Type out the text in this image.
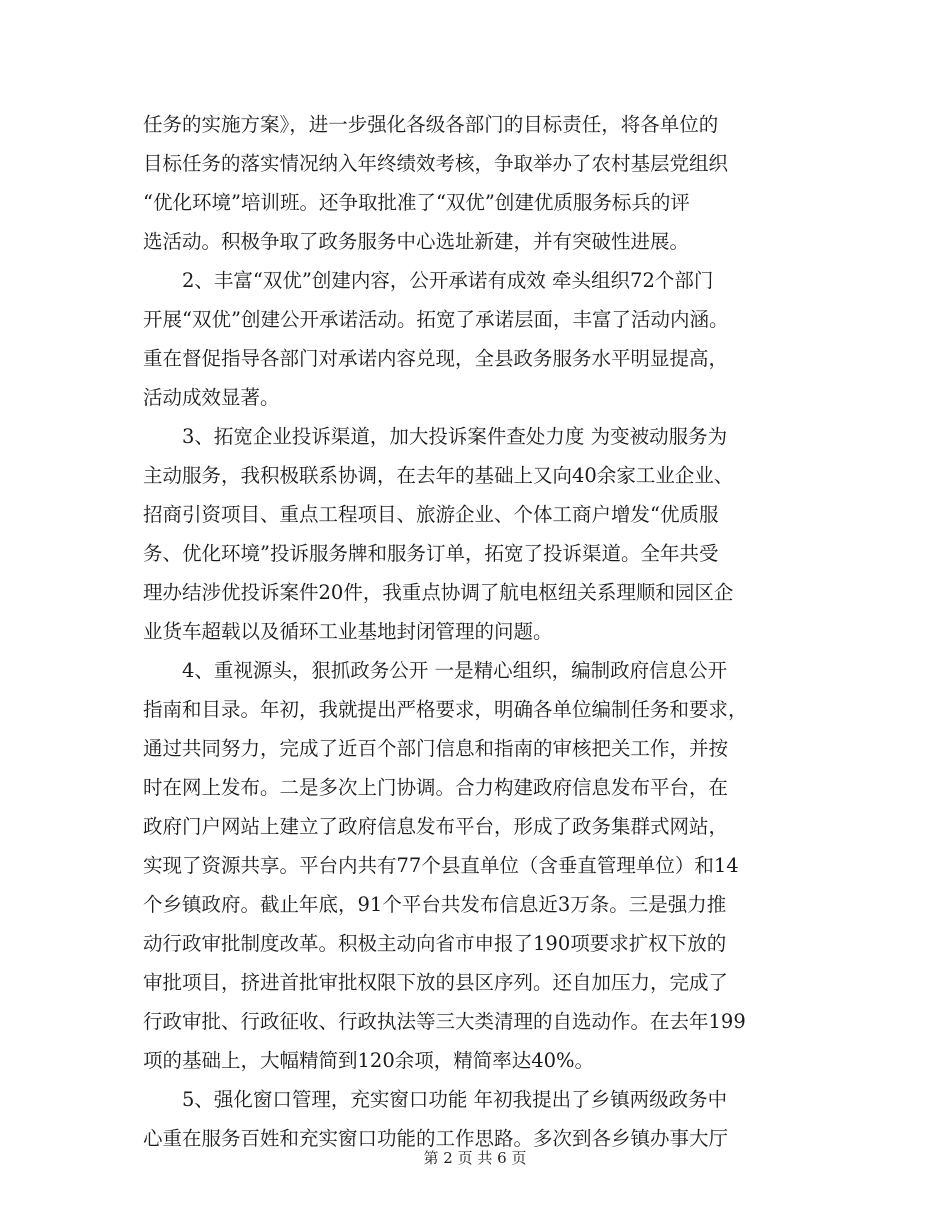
任务的实施方案》，进一步强化各级各部门的目标责任，将各单位的
目标任务的落实情况纳入年终绩效考核，争取举办了农村基层党组织
“优化环境”培训班。还争取批准了“双优”创建优质服务标兵的评
选活动。积极争取了政务服务中心选址新建，并有突破性进展。
2、丰富“双优”创建内容，公开承诺有成效 牵头组织72个部门
开展“双优”创建公开承诺活动。拓宽了承诺层面，丰富了活动内涵。
重在督促指导各部门对承诺内容兑现，全县政务服务水平明显提高，
活动成效显著。
3、拓宽企业投诉渠道，加大投诉案件查处力度 为变被动服务为
主动服务，我积极联系协调，在去年的基础上又向40余家工业企业、
招商引资项目、重点工程项目、旅游企业、个体工商户增发“优质服
务、优化环境”投诉服务牌和服务订单，拓宽了投诉渠道。全年共受
理办结涉优投诉案件20件，我重点协调了航电枢纽关系理顺和园区企
业货车超载以及循环工业基地封闭管理的问题。
4、重视源头，狠抓政务公开 一是精心组织，编制政府信息公开
指南和目录。年初，我就提出严格要求，明确各单位编制任务和要求，
通过共同努力，完成了近百个部门信息和指南的审核把关工作，并按
时在网上发布。二是多次上门协调。合力构建政府信息发布平台，在
政府门户网站上建立了政府信息发布平台，形成了政务集群式网站，
实现了资源共享。平台内共有77个县直单位（含垂直管理单位）和14
个乡镇政府。截止年底，91个平台共发布信息近3万条。三是强力推
动行政审批制度改革。积极主动向省市申报了190项要求扩权下放的
审批项目，挤进首批审批权限下放的县区序列。还自加压力，完成了
行政审批、行政征收、行政执法等三大类清理的自选动作。在去年199
项的基础上，大幅精简到120余项，精简率达40%。
5、强化窗口管理，充实窗口功能 年初我提出了乡镇两级政务中
心重在服务百姓和充实窗口功能的工作思路。多次到各乡镇办事大厅
第 2 页 共 6 页
